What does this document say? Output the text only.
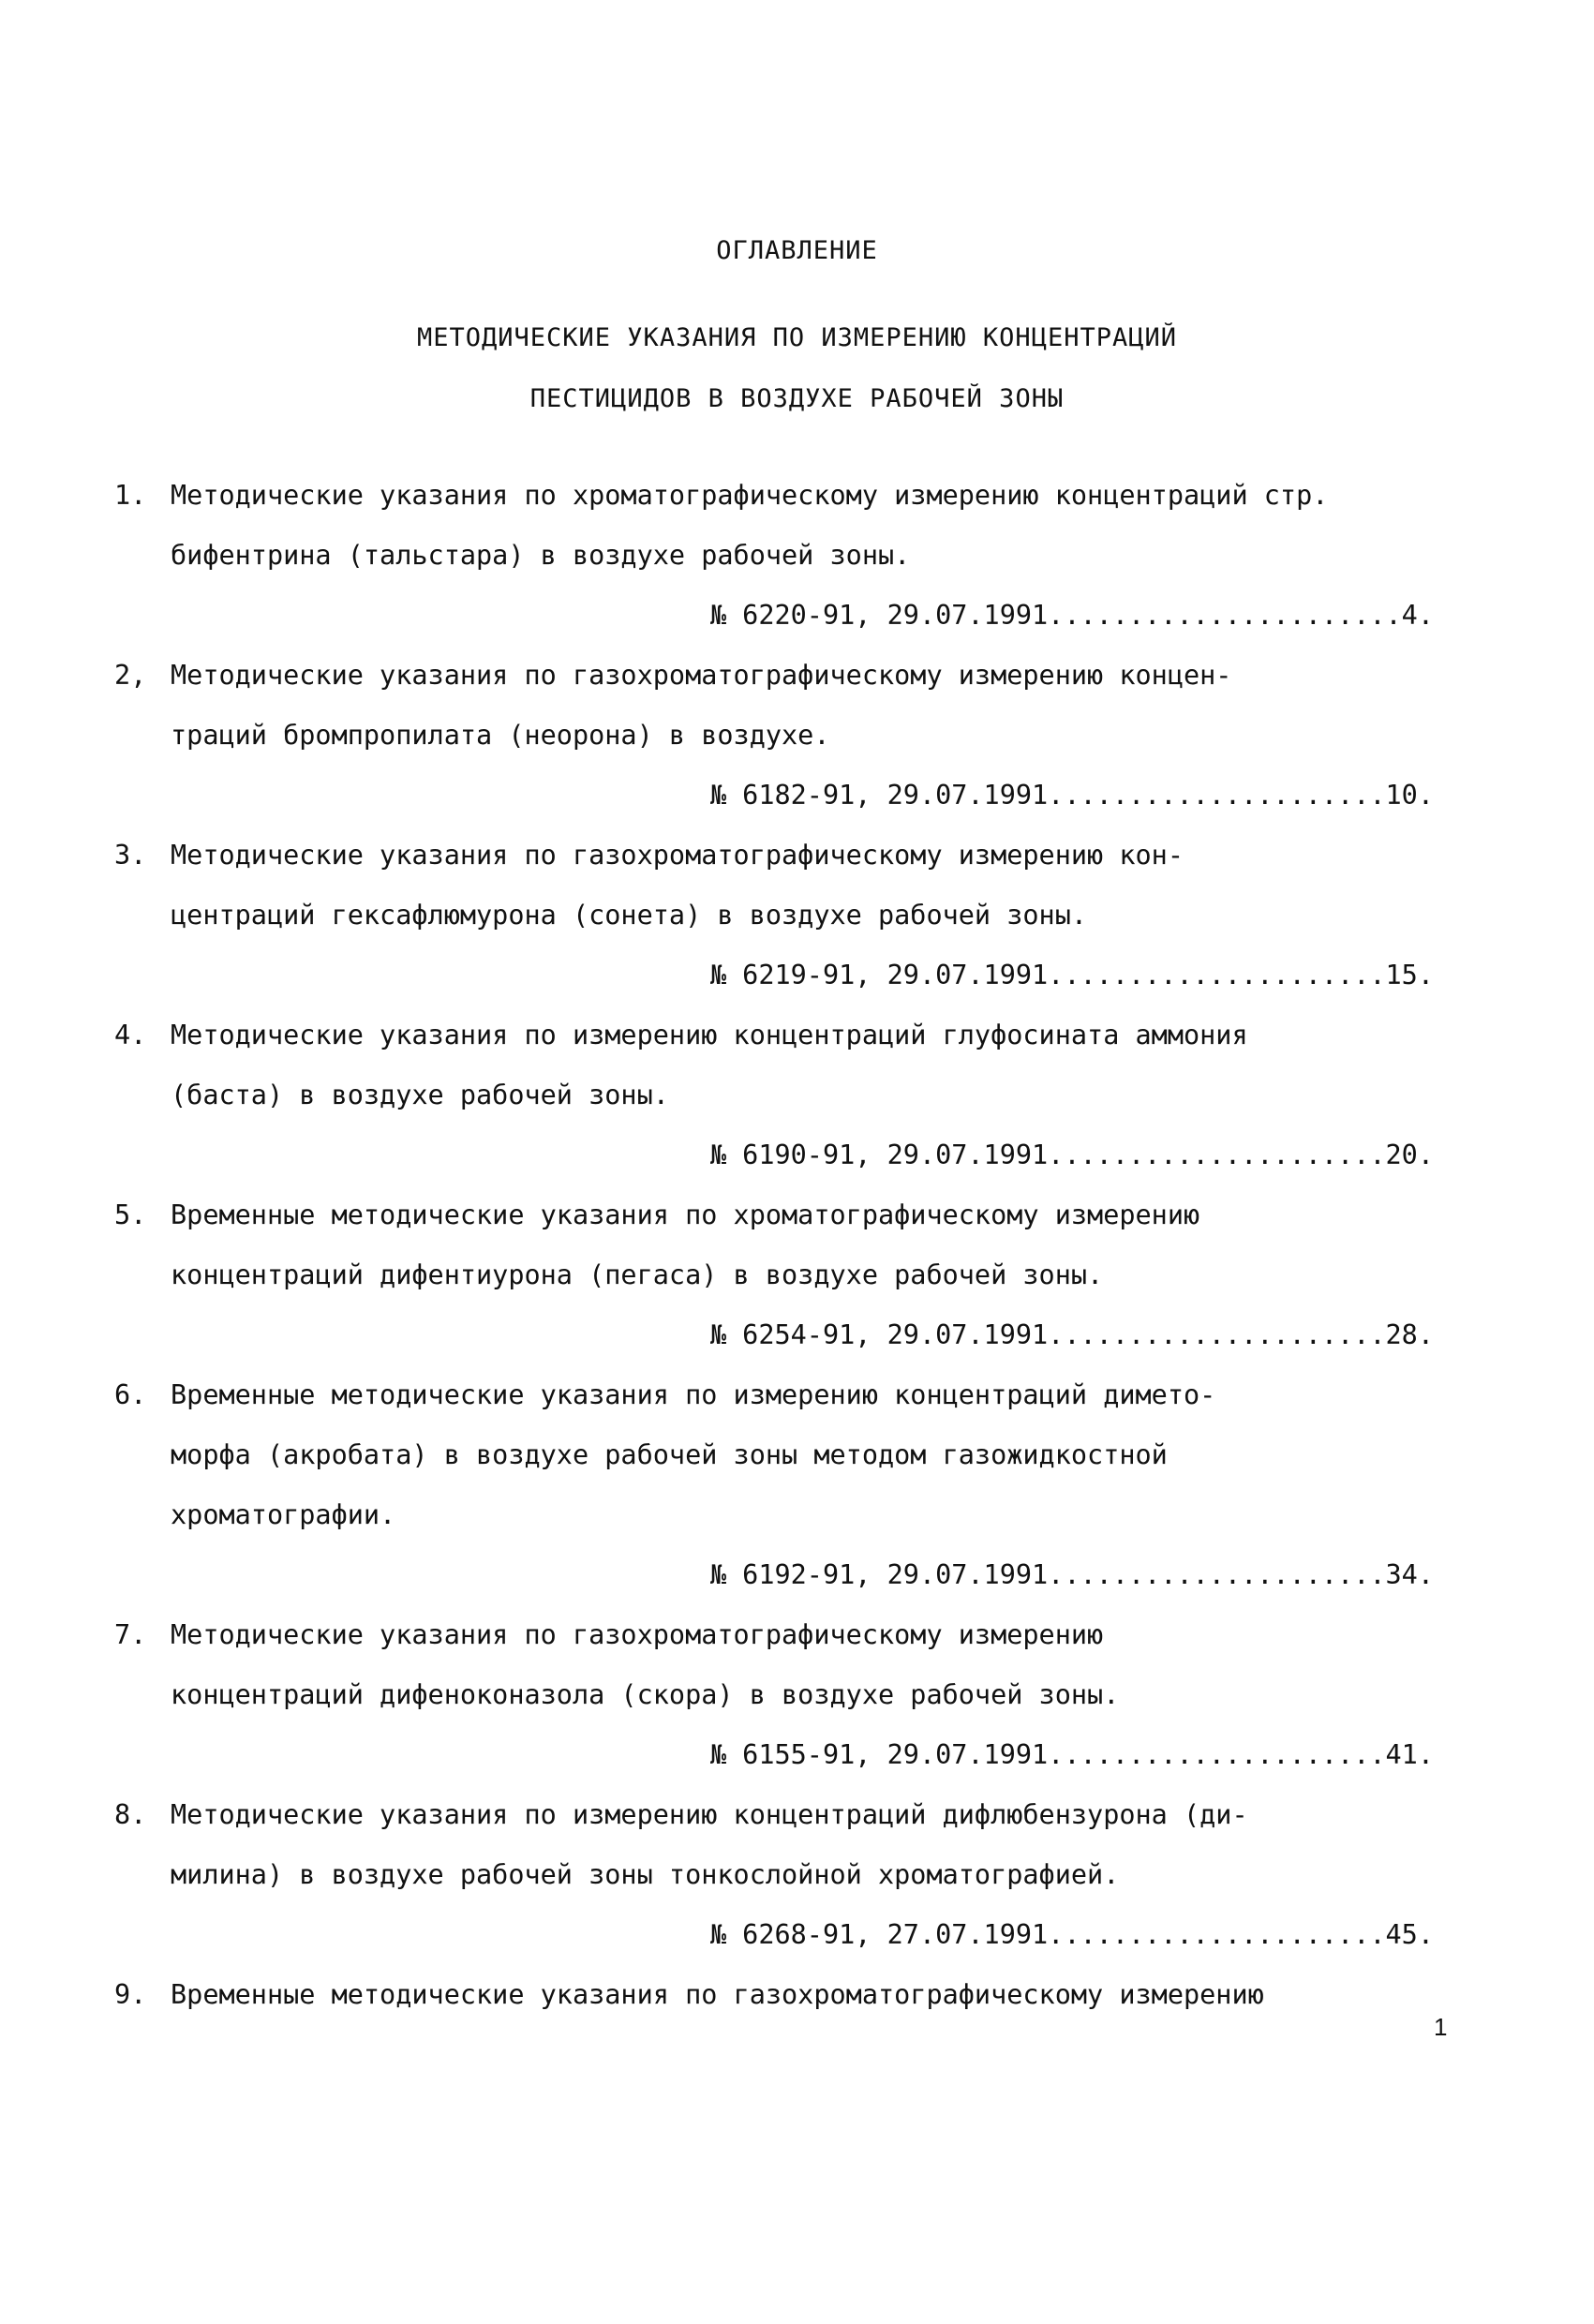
ОГЛАВЛЕНИЕ
МЕТОДИЧЕСКИЕ УКАЗАНИЯ ПО ИЗМЕРЕНИЮ КОНЦЕНТРАЦИЙ
ПЕСТИЦИДОВ В ВОЗДУХЕ РАБОЧЕЙ ЗОНЫ
1. Методические указания по хроматографическому измерению концентраций стр.
бифентрина (тальстара) в воздухе рабочей зоны.
№ 6220-91, 29.07.1991......................4.
2, Методические указания по газохроматографическому измерению концен-
траций бромпропилата (неорона) в воздухе.
№ 6182-91, 29.07.1991.....................10.
3. Методические указания по газохроматографическому измерению кон-
центраций гексафлюмурона (сонета) в воздухе рабочей зоны.
№ 6219-91, 29.07.1991.....................15.
4. Методические указания по измерению концентраций глуфосината аммония
(баста) в воздухе рабочей зоны.
№ 6190-91, 29.07.1991.....................20.
5. Временные методические указания по хроматографическому измерению
концентраций дифентиурона (пегаса) в воздухе рабочей зоны.
№ 6254-91, 29.07.1991.....................28.
6. Временные методические указания по измерению концентраций димето-
морфа (акробата) в воздухе рабочей зоны методом газожидкостной
хроматографии.
№ 6192-91, 29.07.1991.....................34.
7. Методические указания по газохроматографическому измерению
концентраций дифеноконазола (скора) в воздухе рабочей зоны.
№ 6155-91, 29.07.1991.....................41.
8. Методические указания по измерению концентраций дифлюбензурона (ди-
милина) в воздухе рабочей зоны тонкослойной хроматографией.
№ 6268-91, 27.07.1991.....................45.
9. Временные методические указания по газохроматографическому измерению
1
